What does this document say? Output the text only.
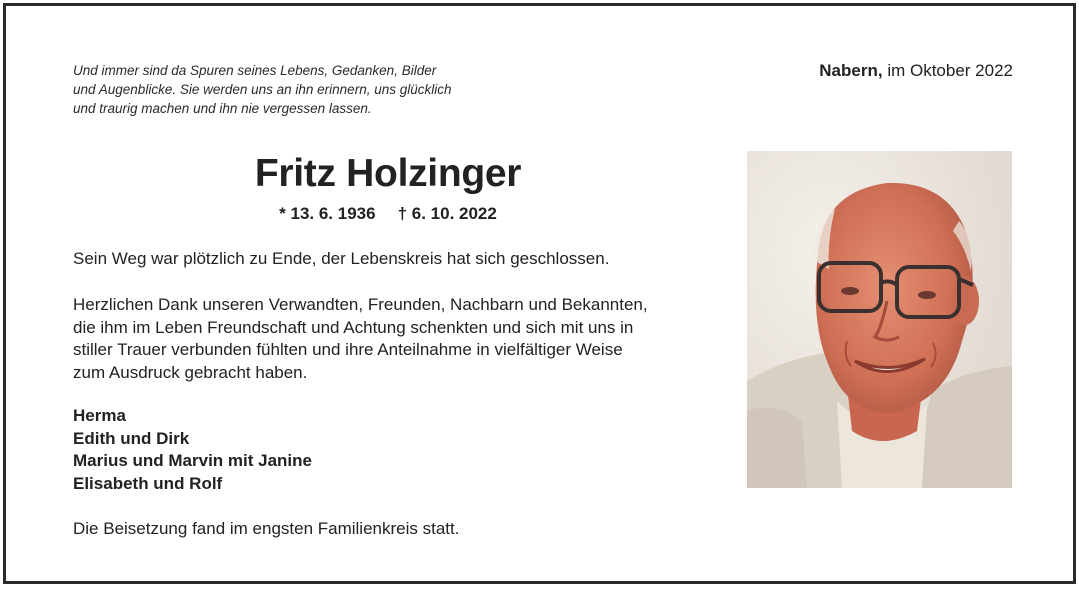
Und immer sind da Spuren seines Lebens, Gedanken, Bilder
und Augenblicke. Sie werden uns an ihn erinnern, uns glücklich
und traurig machen und ihn nie vergessen lassen.
Nabern, im Oktober 2022
Fritz Holzinger
* 13. 6. 1936 † 6. 10. 2022

Sein Weg war plötzlich zu Ende, der Lebenskreis hat sich geschlossen.

Herzlichen Dank unseren Verwandten, Freunden, Nachbarn und Bekannten,
die ihm im Leben Freundschaft und Achtung schenkten und sich mit uns in
stiller Trauer verbunden fühlten und ihre Anteilnahme in vielfältiger Weise
zum Ausdruck gebracht haben.

Herma
Edith und Dirk
Marius und Marvin mit Janine
Elisabeth und Rolf

Die Beisetzung fand im engsten Familienkreis statt.
